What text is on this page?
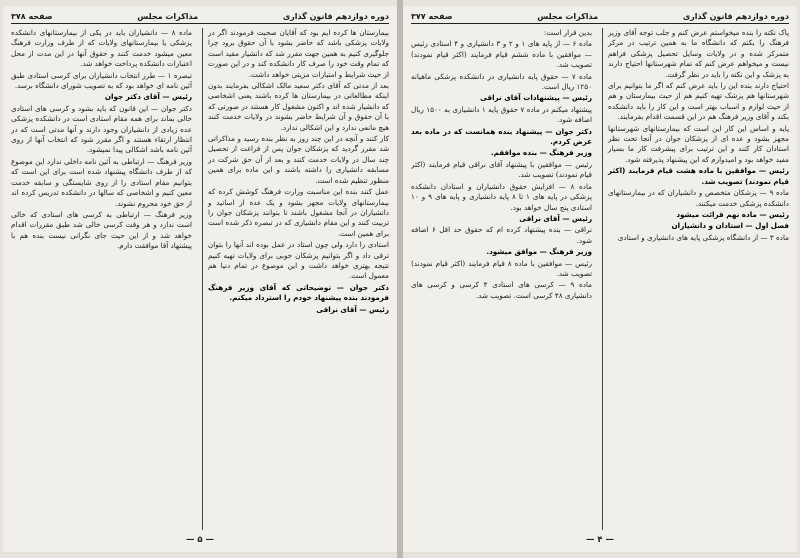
دوره دوازدهم قانون گذاری
مذاکرات مجلس
صفحه ۳۷۸

بيمارستان ها کرده ايم بود که آقايان صحبت فرمودند اگر در ولايات پزشکی باشد که حاضر بشود با آن حقوق برود چرا جلوگيری کنيم به همين جهت مقرر شد که دانشيار مقيد است که تمام وقت خود را صرف کار دانشکده کند و در اين صورت از حيث شرايط و امتيازات مزيتی خواهد داشت.

بعد از مدتی که آقای دکتر سعيد مالک اشکالی بفرمايند بدون اينکه مطالعاتی در بيمارستان ها کرده باشند يعنی اشخاصی که دانشيار شده اند و اکنون مشغول کار هستند در صورتی که با آن حقوق و آن شرايط حاضر بشوند در ولايات خدمت کنند هيچ مانعی ندارد و اين اشکالی ندارد.

کار کنند و آنچه در اين چند روز به نظر بنده رسيد و مذاکراتی شد مقرر گرديد که پزشکان جوان پس از فراغت از تحصيل چند سال در ولايات خدمت کنند و بعد از آن حق شرکت در مسابقه دانشياری را داشته باشند و اين ماده برای همين منظور تنظيم شده است.

عمل کنند بنده اين مناسبت وزارت فرهنگ کوشش کرده که بيمارستانهای ولايات مجهز بشود و يک عده از اساتيد و دانشياران در آنجا مشغول باشند تا بتوانند پزشکان جوان را تربيت کنند و اين مقام دانشياری که در تبصره ذکر شده است برای همين است.

استادی را دارد ولی چون استاد در عمل بوده اند آنها را بتوان ترقی داد و اگر بتوانيم پزشکان خوبی برای ولايات تهيه کنيم نتيجه بهتری خواهد داشت و اين موضوع در تمام دنيا هم معمول است.

دکتر جوان — توضيحاتی که آقای وزير فرهنگ فرمودند بنده پيشنهاد خودم را استرداد ميکنم.

رئيس — آقای نراقی

ماده ۸ — دانشياران بايد در يکی از بيمارستانهای دانشکده پزشکی يا بيمارستانهای ولايات که از طرف وزارت فرهنگ معين ميشود خدمت کنند و حقوق آنها در اين مدت از محل اعتبارات دانشکده پرداخت خواهد شد.

تبصره ۱ — طرز انتخاب دانشياران برای کرسی استادی طبق آئين نامه ای خواهد بود که به تصويب شورای دانشگاه برسد.

رئيس — آقای دکتر جوان

دکتر جوان — اين قانون که بايد بشود و کرسی های استادی خالی بماند برای همه مقام استادی است در دانشکده پزشکی عده زيادی از دانشياران وجود دارند و آنها مدتی است که در انتظار ارتقاء هستند و اگر مقرر شود که انتخاب آنها از روی آئين نامه باشد اشکالی پيدا نميشود.

وزير فرهنگ — ارتباطی به آئين نامه داخلی ندارد اين موضوع که از طرف دانشگاه پيشنهاد شده است برای اين است که بتوانيم مقام استادی را از روی شايستگی و سابقه خدمت معين کنيم و اشخاصی که سالها در دانشکده تدريس کرده اند از حق خود محروم نشوند.

وزير فرهنگ — ارتباطی به کرسی های استادی که خالی است ندارد و هر وقت کرسی خالی شد طبق مقررات اقدام خواهد شد و از اين حيث جای نگرانی نيست بنده هم با پيشنهاد آقا موافقت دارم.

— ۵ —
دوره دوازدهم قانون گذاری
مذاکرات مجلس
صفحه ۳۷۷

پاک نکته را بنده ميخواستم عرض کنم و جلب توجه آقای وزير فرهنگ را بکنم که دانشگاه ما به همين ترتيب در مرکز متمرکز شده و در ولايات وسايل تحصيل پزشکی فراهم نيست و ميخواهم عرض کنم که تمام شهرستانها احتياج دارند به پزشک و اين نکته را بايد در نظر گرفت.

احتياج دارند بنده اين را بايد عرض کنم که اگر ما بتوانيم برای شهرستانها هم پزشک تهيه کنيم هم از حيث بيمارستان و هم از حيث لوازم و اسباب بهتر است و اين کار را بايد دانشکده بکند و آقای وزير فرهنگ هم در اين قسمت اقدام بفرمايند.

پايه و اساس اين کار اين است که بيمارستانهای شهرستانها مجهز بشود و عده ای از پزشکان جوان در آنجا تحت نظر استادان کار کنند و اين ترتيب برای پيشرفت کار ما بسيار مفيد خواهد بود و اميدوارم که اين پيشنهاد پذيرفته شود.

رئيس — موافقين با ماده هشت قيام فرمايند (اکثر قيام نمودند) تصويب شد.

ماده ۹ — پزشکان متخصص و دانشياران که در بيمارستانهای دانشکده پزشکی خدمت ميکنند.

رئيس — ماده نهم قرائت ميشود

فصل اول — استادان و دانشياران

ماده ۳ — از دانشگاه پزشکی پايه های دانشياری و استادی

بدين قرار است:

ماده ۶ — از پايه های ۱ و ۲ و ۳ دانشياری و ۴ استادی رئيس — موافقين با ماده ششم قيام فرمايند (اکثر قيام نمودند) تصويب شد.

ماده ۷ — حقوق پايه دانشياری در دانشکده پزشکی ماهيانه ۱۲۵۰ ريال است.

رئيس — پيشنهادات آقای نراقی

پيشنهاد ميکنم در ماده ۷ حقوق پايه ۱ دانشياری به ۱۵۰۰ ريال اضافه شود.

دکتر جوان — پيشنهاد بنده همانست که در ماده بعد عرض کردم.

وزير فرهنگ — بنده موافقم.

رئيس — موافقين با پيشنهاد آقای نراقی قيام فرمايند (اکثر قيام نمودند) تصويب شد.

ماده ۸ — افزايش حقوق دانشياران و استادان دانشکده پزشکی در پايه های ۱ تا ۸ پايه دانشياری و پايه های ۹ و ۱۰ استادی پنج سال خواهد بود.

رئيس — آقای نراقی

نراقی — بنده پيشنهاد کرده ام که حقوق حد اقل ۶ اضافه شود.

وزير فرهنگ — موافق ميشود.

رئيس — موافقين با ماده ۸ قيام فرمايند (اکثر قيام نمودند) تصويب شد.

ماده ۹ — کرسی های استادی ۴ کرسی و کرسی های دانشياری ۴۸ کرسی است. تصويب شد.

— ۴ —
